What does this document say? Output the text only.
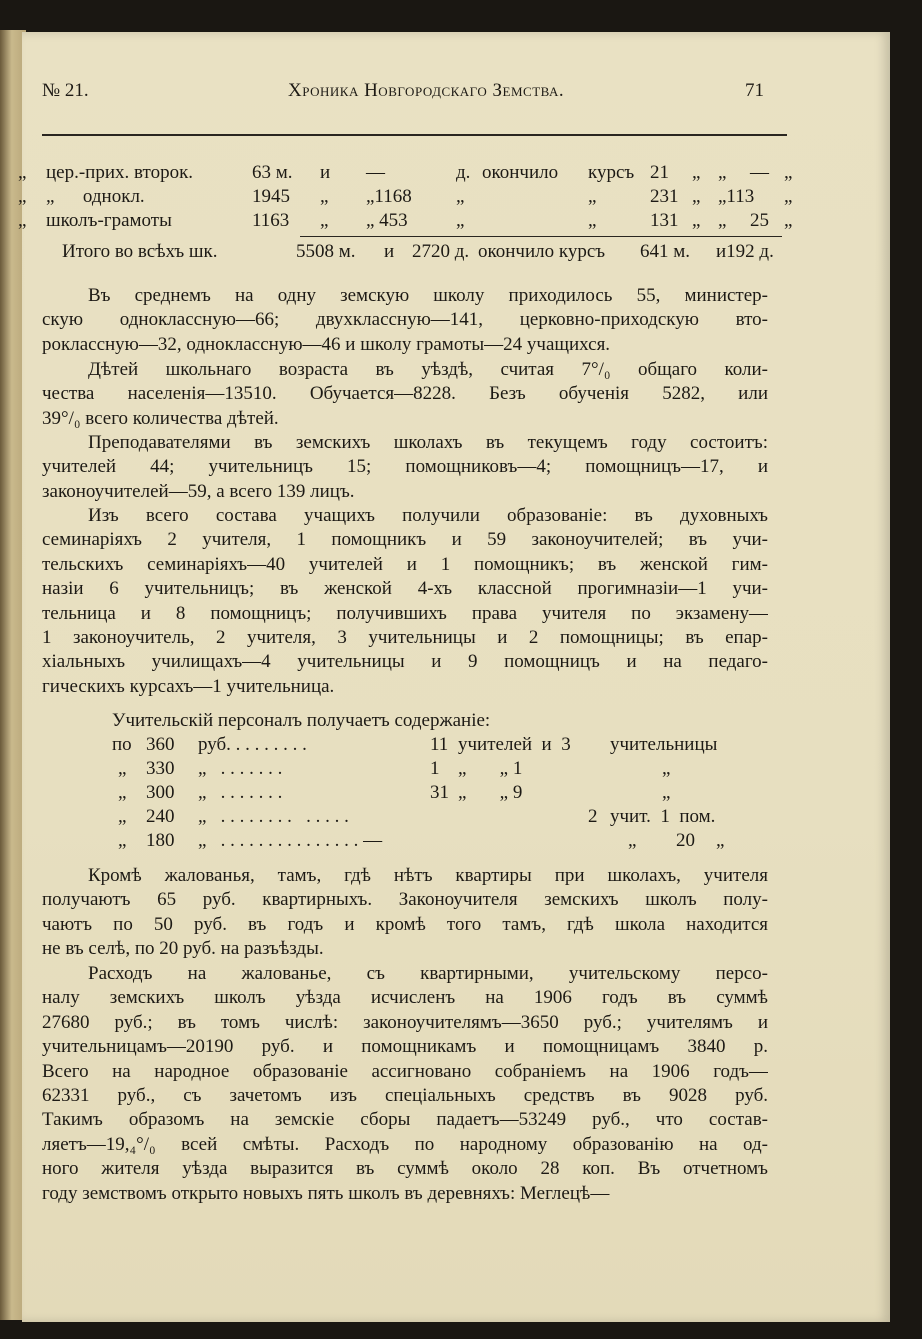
№ 21.	Хроника Новгородскаго Земства.	71
„ цер.-прих. второк.	63 м. и —	д. окончило курсъ 21 „ „ — „
„ „      однокл.	1945 „ „1168 „	„	231 „ „113 „
„ школъ-грамоты	1163 „ „ 453	„	„	131 „ „ 25 „
Итого во всѣхъ шк.	5508 м. и 2720 д. окончило курсъ 641 м. и192 д.
Въ среднемъ на одну земскую школу приходилось 55, министер-
скую одноклассную—66; двухклассную—141, церковно-приходскую вто-
роклассную—32, одноклассную—46 и школу грамоты—24 учащихся.
Дѣтей школьнаго возраста въ уѣздѣ, считая 7°/₀ общаго коли-
чества населенія—13510. Обучается—8228. Безъ обученія 5282, или
39°/₀ всего количества дѣтей.
Преподавателями въ земскихъ школахъ въ текущемъ году состоитъ:
учителей 44; учительницъ 15; помощниковъ—4; помощницъ—17, и
законоучителей—59, а всего 139 лицъ.
Изъ всего состава учащихъ получили образованіе: въ духовныхъ
семинаріяхъ 2 учителя, 1 помощникъ и 59 законоучителей; въ учи-
тельскихъ семинаріяхъ—40 учителей и 1 помощникъ; въ женской гим-
назіи 6 учительницъ; въ женской 4-хъ классной прогимназіи—1 учи-
тельница и 8 помощницъ; получившихъ права учителя по экзамену—
1 законоучитель, 2 учителя, 3 учительницы и 2 помощницы; въ епар-
хіальныхъ училищахъ—4 учительницы и 9 помощницъ и на педаго-
гическихъ курсахъ—1 учительница.
Учительскій персоналъ получаетъ содержаніе:
по 360 руб. . . . . . . . .	11 учителей  и  3 учительницы
„ 330 „   . . . . . . .	1 „       „ 1	„
„ 300 „   . . . . . . .	31 „       „ 9	„
„ 240 „   . . . . . . . .   . . . . .	2 учит.  1  пом.
„ 180 „   . . . . . . . . . . . . . . . —	„ 20 „
Кромѣ жалованья, тамъ, гдѣ нѣтъ квартиры при школахъ, учителя
получаютъ 65 руб. квартирныхъ. Законоучителя земскихъ школъ полу-
чаютъ по 50 руб. въ годъ и кромѣ того тамъ, гдѣ школа находится
не въ селѣ, по 20 руб. на разъѣзды.
Расходъ на жалованье, съ квартирными, учительскому персо-
налу земскихъ школъ уѣзда исчисленъ на 1906 годъ въ суммѣ
27680 руб.; въ томъ числѣ: законоучителямъ—3650 руб.; учителямъ и
учительницамъ—20190 руб. и помощникамъ и помощницамъ 3840 р.
Всего на народное образованіе ассигновано собраніемъ на 1906 годъ—
62331 руб., съ зачетомъ изъ спеціальныхъ средствъ въ 9028 руб.
Такимъ образомъ на земскіе сборы падаетъ—53249 руб., что состав-
ляетъ—19,₄°/₀ всей смѣты. Расходъ по народному образованію на од-
ного жителя уѣзда выразится въ суммѣ около 28 коп. Въ отчетномъ
году земствомъ открыто новыхъ пять школъ въ деревняхъ: Меглецѣ—
